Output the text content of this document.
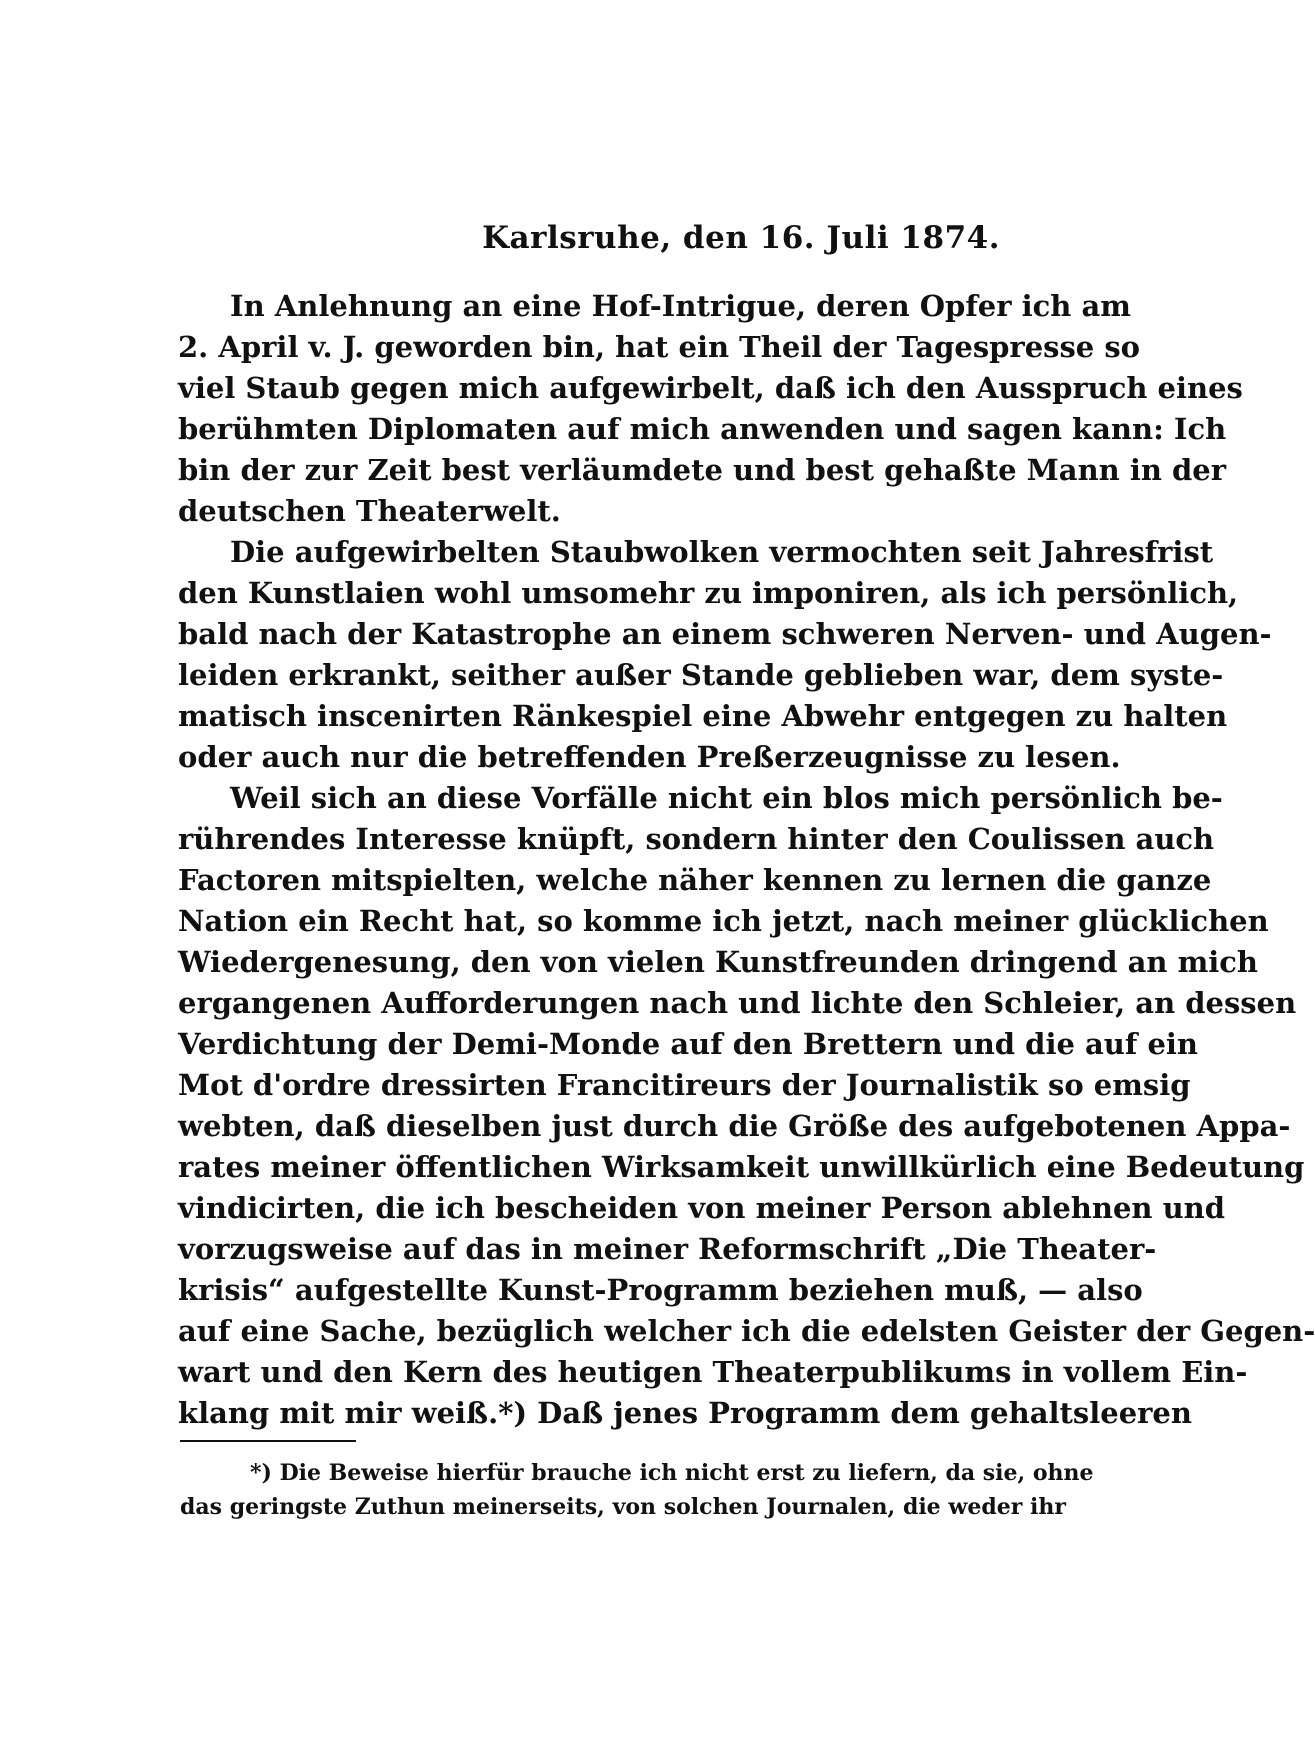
Karlsruhe, den 16. Juli 1874.
In Anlehnung an eine Hof-Intrigue, deren Opfer ich am
2. April v. J. geworden bin, hat ein Theil der Tagespresse so
viel Staub gegen mich aufgewirbelt, daß ich den Ausspruch eines
berühmten Diplomaten auf mich anwenden und sagen kann: Ich
bin der zur Zeit best verläumdete und best gehaßte Mann in der
deutschen Theaterwelt.
Die aufgewirbelten Staubwolken vermochten seit Jahresfrist
den Kunstlaien wohl umsomehr zu imponiren, als ich persönlich,
bald nach der Katastrophe an einem schweren Nerven- und Augen-
leiden erkrankt, seither außer Stande geblieben war, dem syste-
matisch inscenirten Ränkespiel eine Abwehr entgegen zu halten
oder auch nur die betreffenden Preßerzeugnisse zu lesen.
Weil sich an diese Vorfälle nicht ein blos mich persönlich be-
rührendes Interesse knüpft, sondern hinter den Coulissen auch
Factoren mitspielten, welche näher kennen zu lernen die ganze
Nation ein Recht hat, so komme ich jetzt, nach meiner glücklichen
Wiedergenesung, den von vielen Kunstfreunden dringend an mich
ergangenen Aufforderungen nach und lichte den Schleier, an dessen
Verdichtung der Demi-Monde auf den Brettern und die auf ein
Mot d'ordre dressirten Francitireurs der Journalistik so emsig
webten, daß dieselben just durch die Größe des aufgebotenen Appa-
rates meiner öffentlichen Wirksamkeit unwillkürlich eine Bedeutung
vindicirten, die ich bescheiden von meiner Person ablehnen und
vorzugsweise auf das in meiner Reformschrift „Die Theater-
krisis“ aufgestellte Kunst-Programm beziehen muß, — also
auf eine Sache, bezüglich welcher ich die edelsten Geister der Gegen-
wart und den Kern des heutigen Theaterpublikums in vollem Ein-
klang mit mir weiß.*) Daß jenes Programm dem gehaltsleeren
*) Die Beweise hierfür brauche ich nicht erst zu liefern, da sie, ohne
das geringste Zuthun meinerseits, von solchen Journalen, die weder ihr
